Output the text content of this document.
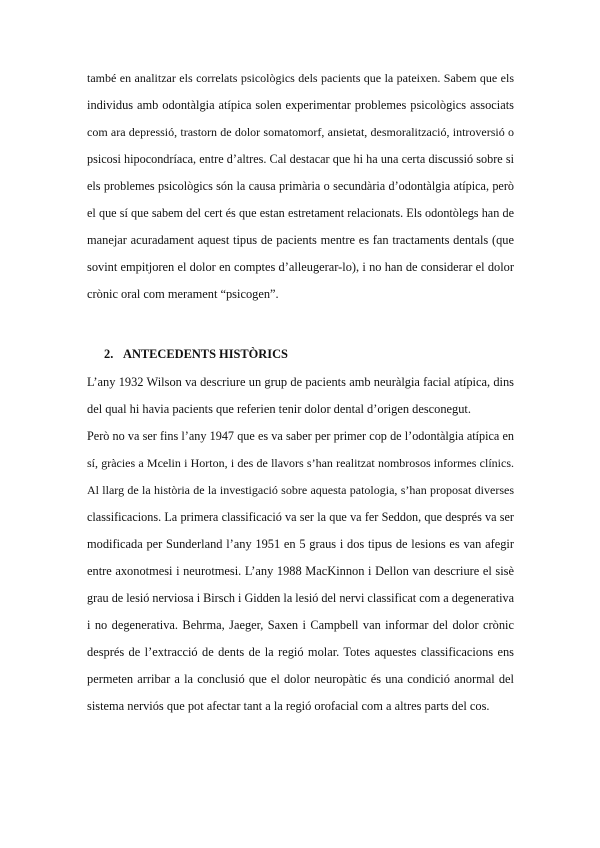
també en analitzar els correlats psicològics dels pacients que la pateixen. Sabem que els
individus amb odontàlgia atípica solen experimentar problemes psicològics associats
com ara depressió, trastorn de dolor somatomorf, ansietat, desmoralització, introversió o
psicosi hipocondríaca, entre d’altres. Cal destacar que hi ha una certa discussió sobre si
els problemes psicològics són la causa primària o secundària d’odontàlgia atípica, però
el que sí que sabem del cert és que estan estretament relacionats. Els odontòlegs han de
manejar acuradament aquest tipus de pacients mentre es fan tractaments dentals (que
sovint empitjoren el dolor en comptes d’alleugerar-lo), i no han de considerar el dolor
crònic oral com merament “psicogen”.
2. ANTECEDENTS HISTÒRICS
L’any 1932 Wilson va descriure un grup de pacients amb neuràlgia facial atípica, dins
del qual hi havia pacients que referien tenir dolor dental d’origen desconegut.
Però no va ser fins l’any 1947 que es va saber per primer cop de l’odontàlgia atípica en
sí, gràcies a Mcelin i Horton, i des de llavors s’han realitzat nombrosos informes clínics.
Al llarg de la història de la investigació sobre aquesta patologia, s’han proposat diverses
classificacions. La primera classificació va ser la que va fer Seddon, que després va ser
modificada per Sunderland l’any 1951 en 5 graus i dos tipus de lesions es van afegir
entre axonotmesi i neurotmesi. L’any 1988 MacKinnon i Dellon van descriure el sisè
grau de lesió nerviosa i Birsch i Gidden la lesió del nervi classificat com a degenerativa
i no degenerativa. Behrma, Jaeger, Saxen i Campbell van informar del dolor crònic
després de l’extracció de dents de la regió molar. Totes aquestes classificacions ens
permeten arribar a la conclusió que el dolor neuropàtic és una condició anormal del
sistema nerviós que pot afectar tant a la regió orofacial com a altres parts del cos.
